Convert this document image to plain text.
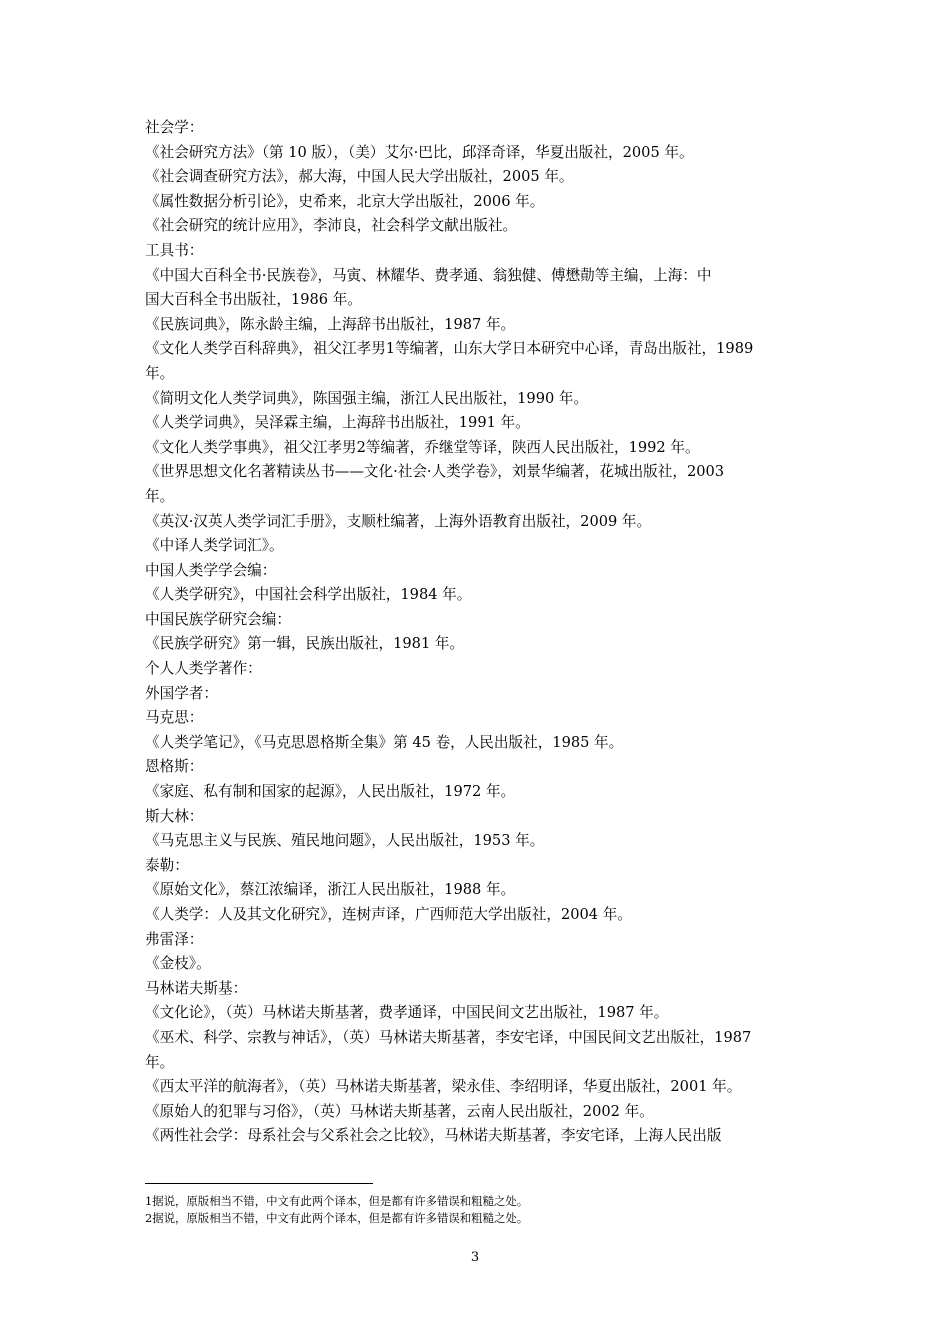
社会学：
《社会研究方法》（第 10 版），（美）艾尔·巴比，邱泽奇译，华夏出版社，2005 年。
《社会调查研究方法》，郝大海，中国人民大学出版社，2005 年。
《属性数据分析引论》，史希来，北京大学出版社，2006 年。
《社会研究的统计应用》，李沛良，社会科学文献出版社。
工具书：
《中国大百科全书·民族卷》，马寅、林耀华、费孝通、翁独健、傅懋勣等主编，上海：中
国大百科全书出版社，1986 年。
《民族词典》，陈永龄主编，上海辞书出版社，1987 年。
《文化人类学百科辞典》，祖父江孝男1等编著，山东大学日本研究中心译，青岛出版社，1989
年。
《简明文化人类学词典》，陈国强主编，浙江人民出版社，1990 年。
《人类学词典》，吴泽霖主编，上海辞书出版社，1991 年。
《文化人类学事典》，祖父江孝男2等编著，乔继堂等译，陕西人民出版社，1992 年。
《世界思想文化名著精读丛书——文化·社会·人类学卷》，刘景华编著，花城出版社，2003
年。
《英汉·汉英人类学词汇手册》，支顺杜编著，上海外语教育出版社，2009 年。
《中译人类学词汇》。
中国人类学学会编：
《人类学研究》，中国社会科学出版社，1984 年。
中国民族学研究会编：
《民族学研究》第一辑，民族出版社，1981 年。
个人人类学著作：
外国学者：
马克思：
《人类学笔记》，《马克思恩格斯全集》第 45 卷，人民出版社，1985 年。
恩格斯：
《家庭、私有制和国家的起源》，人民出版社，1972 年。
斯大林：
《马克思主义与民族、殖民地问题》，人民出版社，1953 年。
泰勒：
《原始文化》，蔡江浓编译，浙江人民出版社，1988 年。
《人类学：人及其文化研究》，连树声译，广西师范大学出版社，2004 年。
弗雷泽：
《金枝》。
马林诺夫斯基：
《文化论》，（英）马林诺夫斯基著，费孝通译，中国民间文艺出版社，1987 年。
《巫术、科学、宗教与神话》，（英）马林诺夫斯基著，李安宅译，中国民间文艺出版社，1987
年。
《西太平洋的航海者》，（英）马林诺夫斯基著，梁永佳、李绍明译，华夏出版社，2001 年。
《原始人的犯罪与习俗》，（英）马林诺夫斯基著，云南人民出版社，2002 年。
《两性社会学：母系社会与父系社会之比较》，马林诺夫斯基著，李安宅译，上海人民出版
1据说，原版相当不错，中文有此两个译本，但是都有许多错误和粗糙之处。
2据说，原版相当不错，中文有此两个译本，但是都有许多错误和粗糙之处。
3
